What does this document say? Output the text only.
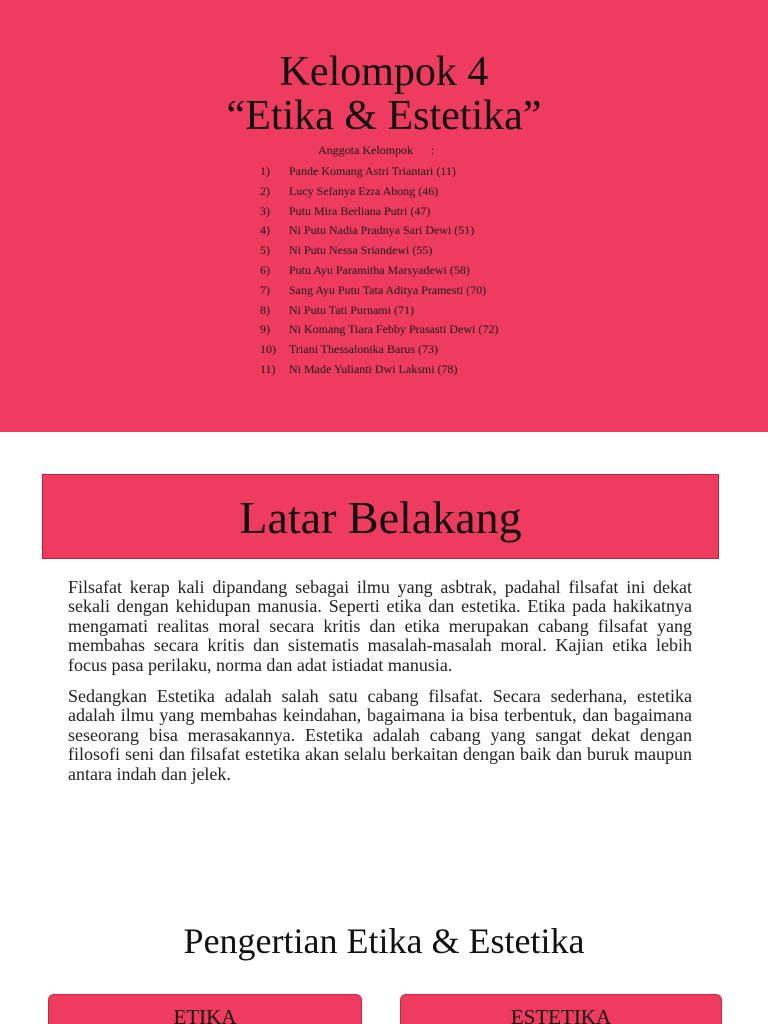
Kelompok 4
“Etika & Estetika”
Anggota Kelompok      :
1) Pande Komang Astri Triantari (11)
2) Lucy Sefanya Ezra Abong (46)
3) Putu Mira Berliana Putri (47)
4) Ni Putu Nadia Pradnya Sari Dewi (51)
5) Ni Putu Nessa Sriandewi (55)
6) Putu Ayu Paramitha Marsyadewi (58)
7) Sang Ayu Putu Tata Aditya Pramesti (70)
8) Ni Putu Tati Purnami (71)
9) Ni Komang Tiara Febby Prasasti Dewi (72)
10) Triani Thessalonika Barus (73)
11) Ni Made Yulianti Dwi Laksmi (78)
Latar Belakang

Filsafat kerap kali dipandang sebagai ilmu yang asbtrak, padahal filsafat ini dekat sekali dengan kehidupan manusia. Seperti etika dan estetika. Etika pada hakikatnya mengamati realitas moral secara kritis dan etika merupakan cabang filsafat yang membahas secara kritis dan sistematis masalah-masalah moral. Kajian etika lebih focus pasa perilaku, norma dan adat istiadat manusia.

Sedangkan Estetika adalah salah satu cabang filsafat. Secara sederhana, estetika adalah ilmu yang membahas keindahan, bagaimana ia bisa terbentuk, dan bagaimana seseorang bisa merasakannya. Estetika adalah cabang yang sangat dekat dengan filosofi seni dan filsafat estetika akan selalu berkaitan dengan baik dan buruk maupun antara indah dan jelek.

Pengertian Etika & Estetika
ETIKA	ESTETIKA
